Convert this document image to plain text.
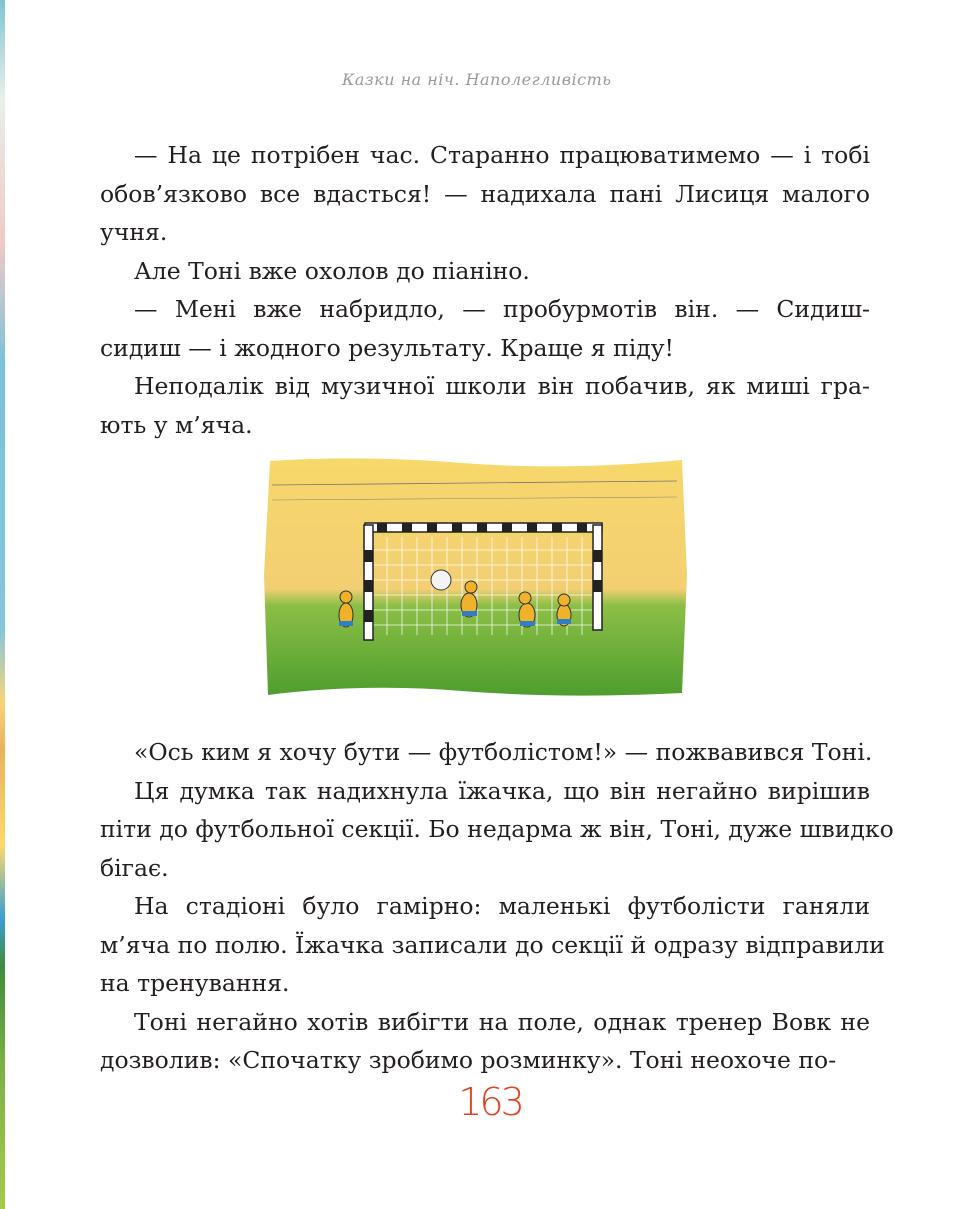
Казки на ніч. Наполегливість
— На це потрібен час. Старанно працюватимемо — і тобі
обов’язково все вдасться! — надихала пані Лисиця малого
учня.
Але Тоні вже охолов до піаніно.
— Мені вже набридло, — пробурмотів він. — Сидиш-
сидиш — і жодного результату. Краще я піду!
Неподалік від музичної школи він побачив, як миші гра-
ють у м’яча.
«Ось ким я хочу бути — футболістом!» — пожвавився Тоні.
Ця думка так надихнула їжачка, що він негайно вирішив
піти до футбольної секції. Бо недарма ж він, Тоні, дуже швидко
бігає.
На стадіоні було гамірно: маленькі футболісти ганяли
м’яча по полю. Їжачка записали до секції й одразу відправили
на тренування.
Тоні негайно хотів вибігти на поле, однак тренер Вовк не
дозволив: «Спочатку зробимо розминку». Тоні неохоче по-
163
